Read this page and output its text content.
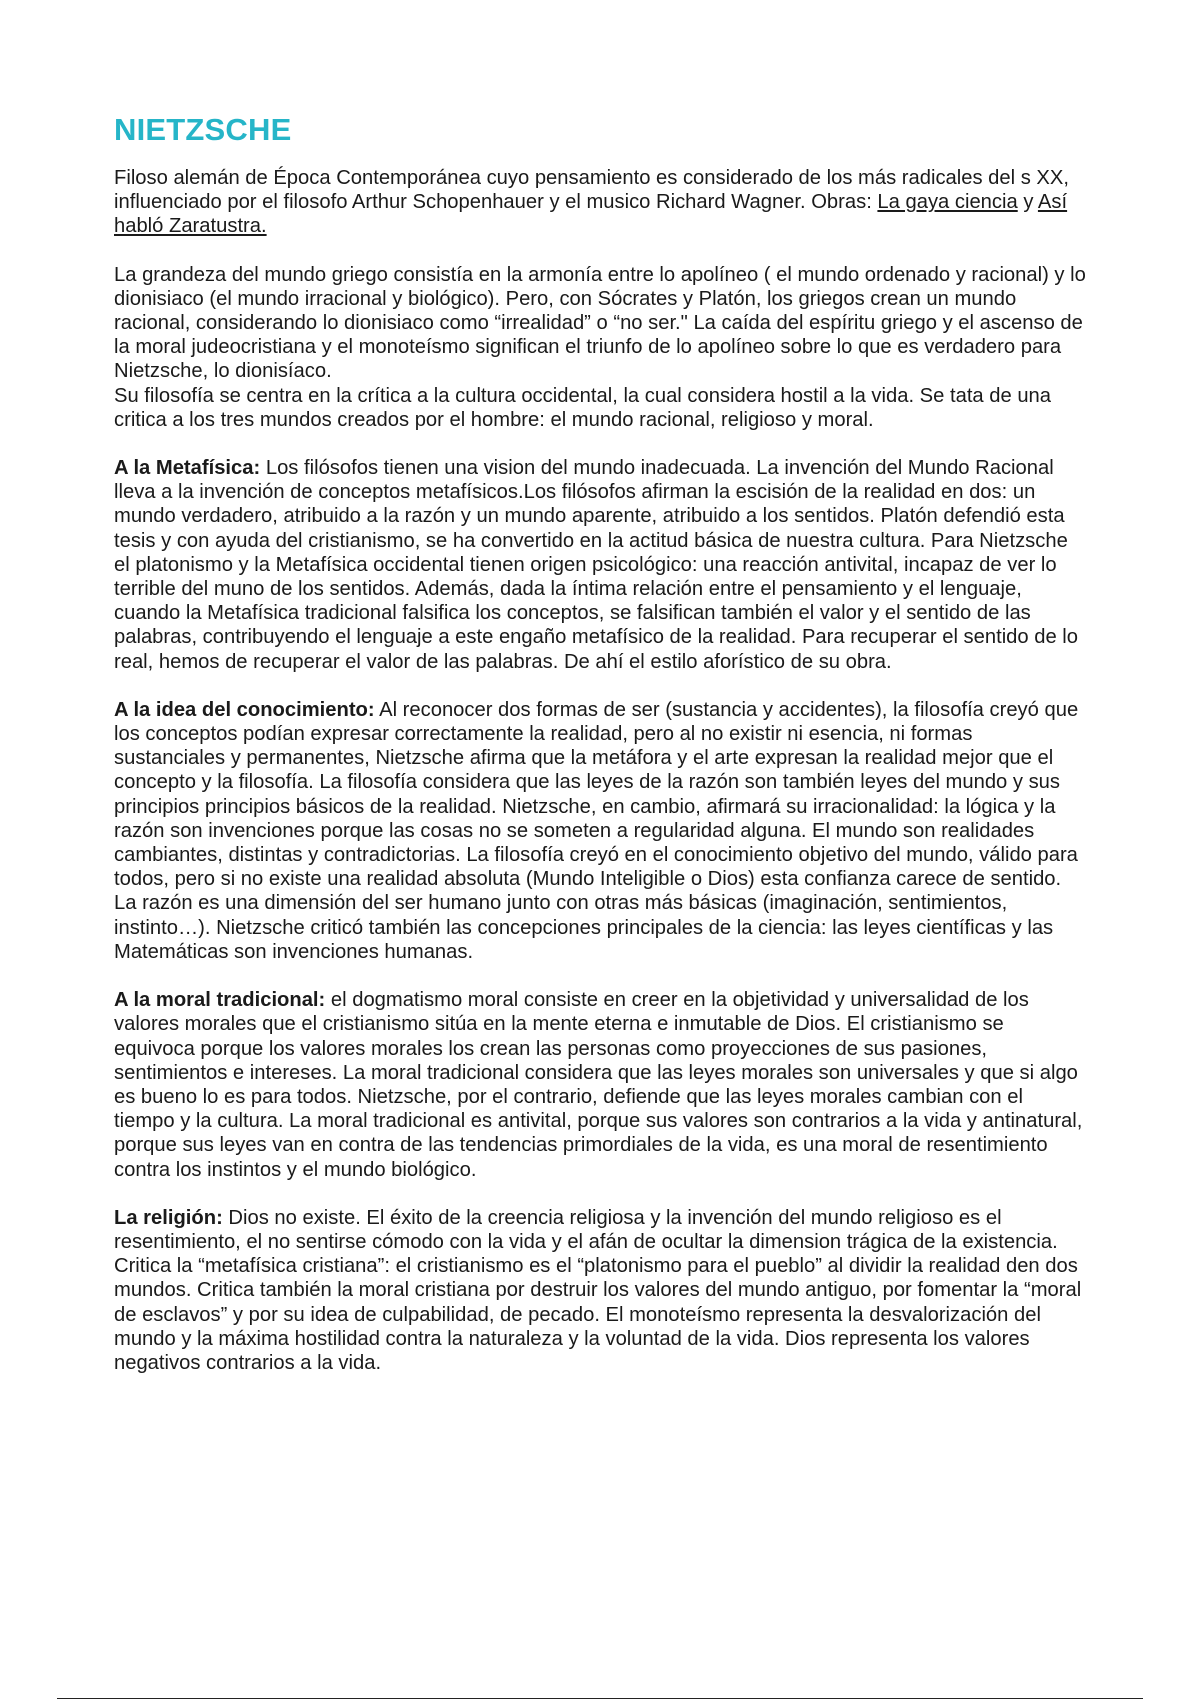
NIETZSCHE

Filoso alemán de Época Contemporánea cuyo pensamiento es considerado de los más radicales del s XX, influenciado por el filosofo Arthur Schopenhauer y el musico Richard Wagner. Obras: La gaya ciencia y Así habló Zaratustra.

La grandeza del mundo griego consistía en la armonía entre lo apolíneo ( el mundo ordenado y racional) y lo dionisiaco (el mundo irracional y biológico). Pero, con Sócrates y Platón, los griegos crean un mundo racional, considerando lo dionisiaco como “irrealidad” o “no ser." La caída del espíritu griego y el ascenso de la moral judeocristiana y el monoteísmo significan el triunfo de lo apolíneo sobre lo que es verdadero para Nietzsche, lo dionisíaco.

Su filosofía se centra en la crítica a la cultura occidental, la cual considera hostil a la vida. Se tata de una critica a los tres mundos creados por el hombre: el mundo racional, religioso y moral.

A la Metafísica: Los filósofos tienen una vision del mundo inadecuada. La invención del Mundo Racional lleva a la invención de conceptos metafísicos.Los filósofos afirman la escisión de la realidad en dos: un mundo verdadero, atribuido a la razón y un mundo aparente, atribuido a los sentidos. Platón defendió esta tesis y con ayuda del cristianismo, se ha convertido en la actitud básica de nuestra cultura. Para Nietzsche el platonismo y la Metafísica occidental tienen origen psicológico: una reacción antivital, incapaz de ver lo terrible del muno de los sentidos. Además, dada la íntima relación entre el pensamiento y el lenguaje, cuando la Metafísica tradicional falsifica los conceptos, se falsifican también el valor y el sentido de las palabras, contribuyendo el lenguaje a este engaño metafísico de la realidad. Para recuperar el sentido de lo real, hemos de recuperar el valor de las palabras. De ahí el estilo aforístico de su obra.

A la idea del conocimiento: Al reconocer dos formas de ser (sustancia y accidentes), la filosofía creyó que los conceptos podían expresar correctamente la realidad, pero al no existir ni esencia, ni formas sustanciales y permanentes, Nietzsche afirma que la metáfora y el arte expresan la realidad mejor que el concepto y la filosofía. La filosofía considera que las leyes de la razón son también leyes del mundo y sus principios principios básicos de la realidad. Nietzsche, en cambio, afirmará su irracionalidad: la lógica y la razón son invenciones porque las cosas no se someten a regularidad alguna. El mundo son realidades cambiantes, distintas y contradictorias. La filosofía creyó en el conocimiento objetivo del mundo, válido para todos, pero si no existe una realidad absoluta (Mundo Inteligible o Dios) esta confianza carece de sentido. La razón es una dimensión del ser humano junto con otras más básicas (imaginación, sentimientos, instinto…). Nietzsche criticó también las concepciones principales de la ciencia: las leyes científicas y las Matemáticas son invenciones humanas.

A la moral tradicional: el dogmatismo moral consiste en creer en la objetividad y universalidad de los valores morales que el cristianismo sitúa en la mente eterna e inmutable de Dios. El cristianismo se equivoca porque los valores morales los crean las personas como proyecciones de sus pasiones, sentimientos e intereses. La moral tradicional considera que las leyes morales son universales y que si algo es bueno lo es para todos. Nietzsche, por el contrario, defiende que las leyes morales cambian con el tiempo y la cultura. La moral tradicional es antivital, porque sus valores son contrarios a la vida y antinatural, porque sus leyes van en contra de las tendencias primordiales de la vida, es una moral de resentimiento contra los instintos y el mundo biológico.

La religión: Dios no existe. El éxito de la creencia religiosa y la invención del mundo religioso es el resentimiento, el no sentirse cómodo con la vida y el afán de ocultar la dimension trágica de la existencia. Critica la “metafísica cristiana”: el cristianismo es el “platonismo para el pueblo” al dividir la realidad den dos mundos. Critica también la moral cristiana por destruir los valores del mundo antiguo, por fomentar la “moral de esclavos” y por su idea de culpabilidad, de pecado. El monoteísmo representa la desvalorización del mundo y la máxima hostilidad contra la naturaleza y la voluntad de la vida. Dios representa los valores negativos contrarios a la vida.
